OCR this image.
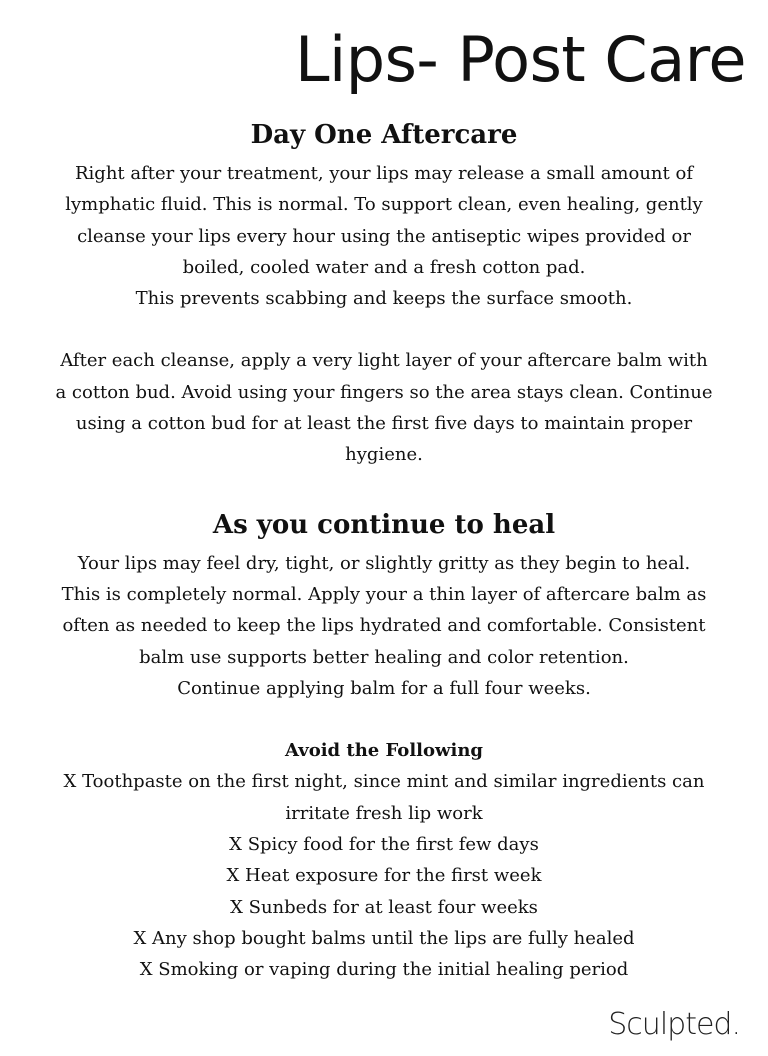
Lips- Post Care
Day One Aftercare

Right after your treatment, your lips may release a small amount of
lymphatic fluid. This is normal. To support clean, even healing, gently
cleanse your lips every hour using the antiseptic wipes provided or
boiled, cooled water and a fresh cotton pad.
This prevents scabbing and keeps the surface smooth.

After each cleanse, apply a very light layer of your aftercare balm with
a cotton bud. Avoid using your fingers so the area stays clean. Continue
using a cotton bud for at least the first five days to maintain proper
hygiene.

As you continue to heal

Your lips may feel dry, tight, or slightly gritty as they begin to heal.
This is completely normal. Apply your a thin layer of aftercare balm as
often as needed to keep the lips hydrated and comfortable. Consistent
balm use supports better healing and color retention.
Continue applying balm for a full four weeks.

Avoid the Following
X Toothpaste on the first night, since mint and similar ingredients can
irritate fresh lip work
X Spicy food for the first few days
X Heat exposure for the first week
X Sunbeds for at least four weeks
X Any shop bought balms until the lips are fully healed
X Smoking or vaping during the initial healing period
Sculpted.
